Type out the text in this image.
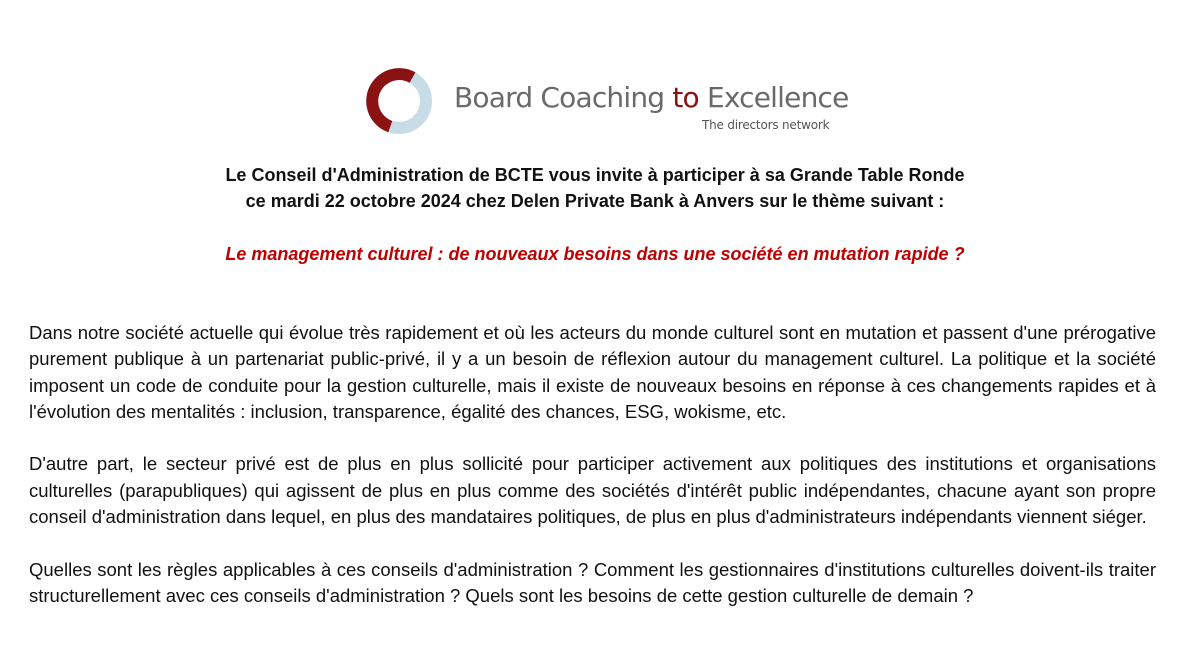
Board Coaching to Excellence
The directors network
Le Conseil d'Administration de BCTE vous invite à participer à sa Grande Table Ronde
ce mardi 22 octobre 2024 chez Delen Private Bank à Anvers sur le thème suivant :
Le management culturel : de nouveaux besoins dans une société en mutation rapide ?

Dans notre société actuelle qui évolue très rapidement et où les acteurs du monde culturel sont en mutation et passent d'une prérogative purement publique à un partenariat public-privé, il y a un besoin de réflexion autour du management culturel. La politique et la société imposent un code de conduite pour la gestion culturelle, mais il existe de nouveaux besoins en réponse à ces changements rapides et à l'évolution des mentalités : inclusion, transparence, égalité des chances, ESG, wokisme, etc.

D'autre part, le secteur privé est de plus en plus sollicité pour participer activement aux politiques des institutions et organisations culturelles (parapubliques) qui agissent de plus en plus comme des sociétés d'intérêt public indépendantes, chacune ayant son propre conseil d'administration dans lequel, en plus des mandataires politiques, de plus en plus d'administrateurs indépendants viennent siéger.

Quelles sont les règles applicables à ces conseils d'administration ? Comment les gestionnaires d'institutions culturelles doivent-ils traiter structurellement avec ces conseils d'administration ? Quels sont les besoins de cette gestion culturelle de demain ?
